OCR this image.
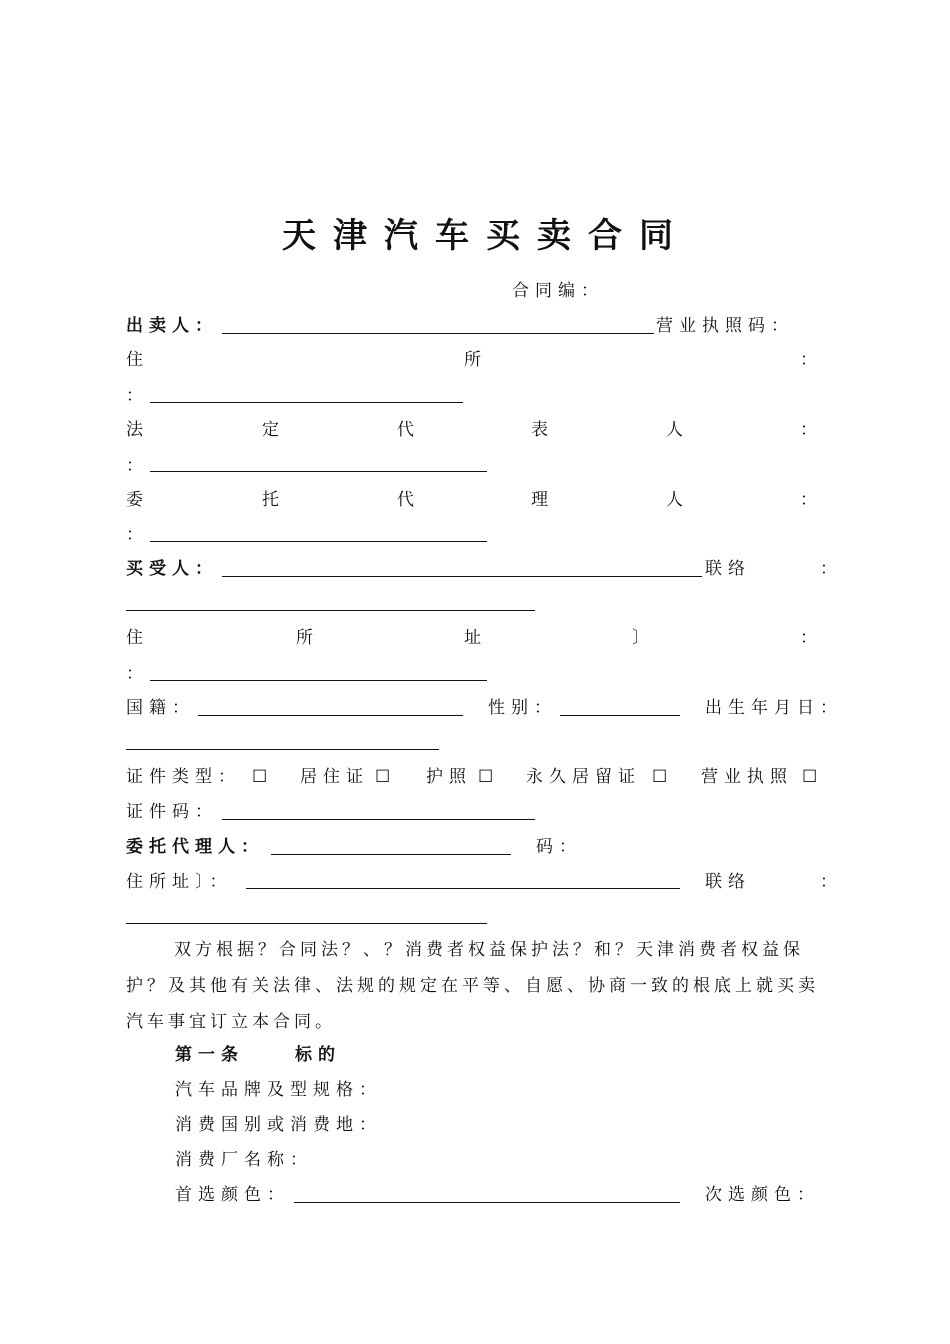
天津汽车买卖合同
合同编：
出卖人：	营业执照码：
住	所	：
：
法	定	代	表	人	：
：
委	托	代	理	人	：
：
买受人：	联络	：
住	所	址	〕	：
：
国籍：	性别：	出生年月日：
证件类型： ☐ 居住证 ☐ 护照 ☐ 永久居留证 ☐ 营业执照 ☐
证件码：
委托代理人：	码：
住所址〕：	联络	：
双方根据？合同法？、？消费者权益保护法？和？天津消费者权益保护？及其他有关法律、法规的规定在平等、自愿、协商一致的根底上就买卖汽车事宜订立本合同。
第一条	标的
汽车品牌及型规格：
消费国别或消费地：
消费厂名称：
首选颜色：	次选颜色：
